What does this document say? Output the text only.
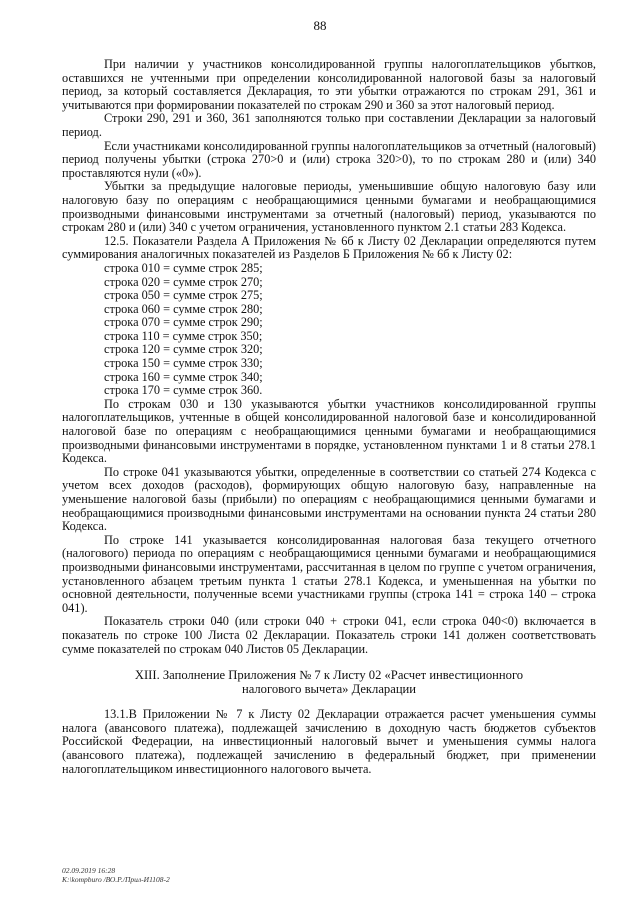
88

При наличии у участников консолидированной группы налогоплательщиков убытков, оставшихся не учтенными при определении консолидированной налоговой базы за налоговый период, за который составляется Декларация, то эти убытки отражаются по строкам 291, 361 и учитываются при формировании показателей по строкам 290 и 360 за этот налоговый период.

Строки 290, 291 и 360, 361 заполняются только при составлении Декларации за налоговый период.

Если участниками консолидированной группы налогоплательщиков за отчетный (налоговый) период получены убытки (строка 270>0 и (или) строка 320>0), то по строкам 280 и (или) 340 проставляются нули («0»).

Убытки за предыдущие налоговые периоды, уменьшившие общую налоговую базу или налоговую базу по операциям с необращающимися ценными бумагами и необращающимися производными финансовыми инструментами за отчетный (налоговый) период, указываются по строкам 280 и (или) 340 с учетом ограничения, установленного пунктом 2.1 статьи 283 Кодекса.

12.5. Показатели Раздела А Приложения № 6б к Листу 02 Декларации определяются путем суммирования аналогичных показателей из Разделов Б Приложения № 6б к Листу 02:

строка 010 = сумме строк 285;
строка 020 = сумме строк 270;
строка 050 = сумме строк 275;
строка 060 = сумме строк 280;
строка 070 = сумме строк 290;
строка 110 = сумме строк 350;
строка 120 = сумме строк 320;
строка 150 = сумме строк 330;
строка 160 = сумме строк 340;
строка 170 = сумме строк 360.

По строкам 030 и 130 указываются убытки участников консолидированной группы налогоплательщиков, учтенные в общей консолидированной налоговой базе и консолидированной налоговой базе по операциям с необращающимися ценными бумагами и необращающимися производными финансовыми инструментами в порядке, установленном пунктами 1 и 8 статьи 278.1 Кодекса.

По строке 041 указываются убытки, определенные в соответствии со статьей 274 Кодекса с учетом всех доходов (расходов), формирующих общую налоговую базу, направленные на уменьшение налоговой базы (прибыли) по операциям с необращающимися ценными бумагами и необращающимися производными финансовыми инструментами на основании пункта 24 статьи 280 Кодекса.

По строке 141 указывается консолидированная налоговая база текущего отчетного (налогового) периода по операциям с необращающимися ценными бумагами и необращающимися производными финансовыми инструментами, рассчитанная в целом по группе с учетом ограничения, установленного абзацем третьим пункта 1 статьи 278.1 Кодекса, и уменьшенная на убытки по основной деятельности, полученные всеми участниками группы (строка 141 = строка 140 – строка 041).

Показатель строки 040 (или строки 040 + строки 041, если строка 040<0) включается в показатель по строке 100 Листа 02 Декларации. Показатель строки 141 должен соответствовать сумме показателей по строкам 040 Листов 05 Декларации.

XIII. Заполнение Приложения № 7 к Листу 02 «Расчет инвестиционного налогового вычета» Декларации

13.1.В Приложении № 7 к Листу 02 Декларации отражается расчет уменьшения суммы налога (авансового платежа), подлежащей зачислению в доходную часть бюджетов субъектов Российской Федерации, на инвестиционный налоговый вычет и уменьшения суммы налога (авансового платежа), подлежащей зачислению в федеральный бюджет, при применении налогоплательщиком инвестиционного налогового вычета.

02.09.2019 16:28
К:\kompburo /ВО.Р./Прил-И1108-2
